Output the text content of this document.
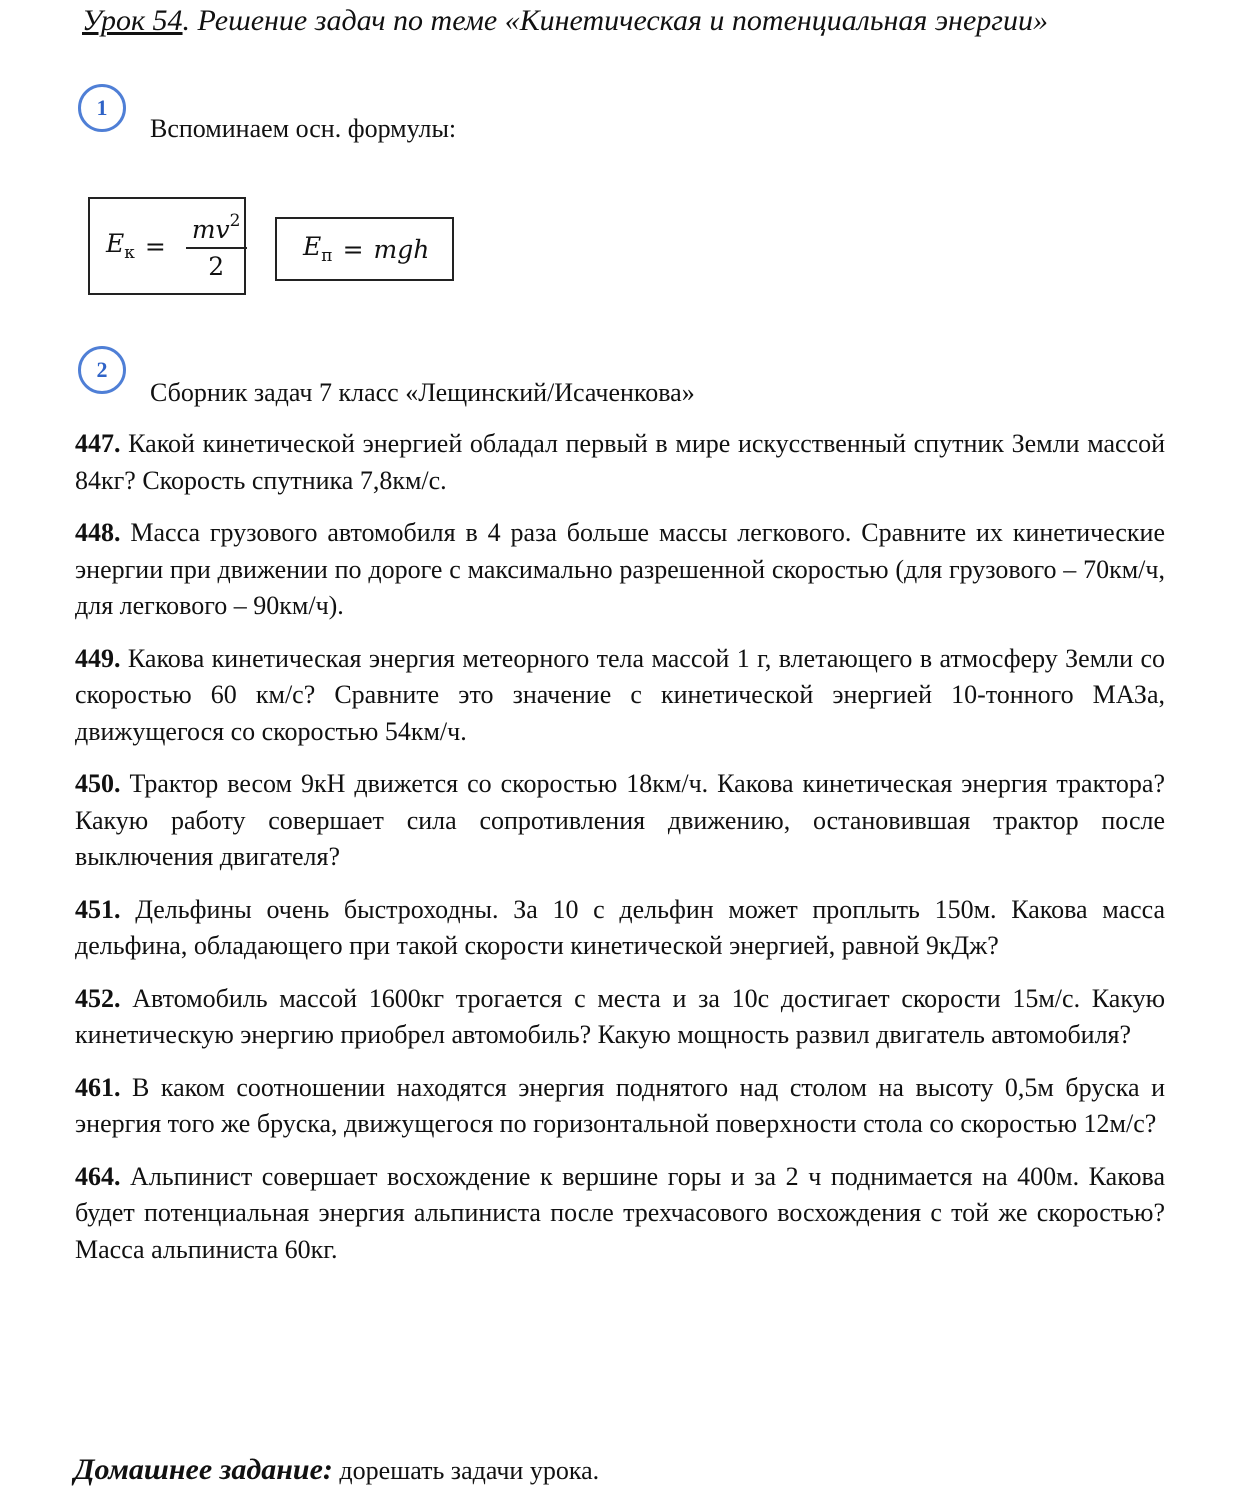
Урок 54. Решение задач по теме «Кинетическая и потенциальная энергии»
1
Вспоминаем осн. формулы:
$E_к = \frac{mv^2}{2} E_п$ = mgh
2
Сборник задач 7 класс «Лещинский/Исаченкова»

447. Какой кинетической энергией обладал первый в мире искусственный спутник Земли массой 84кг? Скорость спутника 7,8км/с.

448. Масса грузового автомобиля в 4 раза больше массы легкового. Сравните их кинетические энергии при движении по дороге с максимально разрешенной скоростью (для грузового – 70км/ч, для легкового – 90км/ч).

449. Какова кинетическая энергия метеорного тела массой 1 г, влетающего в атмосферу Земли со скоростью 60 км/с? Сравните это значение с кинетической энергией 10-тонного МАЗа, движущегося со скоростью 54км/ч.

450. Трактор весом 9кН движется со скоростью 18км/ч. Какова кинетическая энергия трактора? Какую работу совершает сила сопротивления движению, остановившая трактор после выключения двигателя?

451. Дельфины очень быстроходны. За 10 с дельфин может проплыть 150м. Какова масса дельфина, обладающего при такой скорости кинетической энергией, равной 9кДж?

452. Автомобиль массой 1600кг трогается с места и за 10с достигает скорости 15м/с. Какую кинетическую энергию приобрел автомобиль? Какую мощность развил двигатель автомобиля?

461. В каком соотношении находятся энергия поднятого над столом на высоту 0,5м бруска и энергия того же бруска, движущегося по горизонтальной поверхности стола со скоростью 12м/с?

464. Альпинист совершает восхождение к вершине горы и за 2 ч поднимается на 400м. Какова будет потенциальная энергия альпиниста после трехчасового восхождения с той же скоростью? Масса альпиниста 60кг.

Домашнее задание: дорешать задачи урока.
